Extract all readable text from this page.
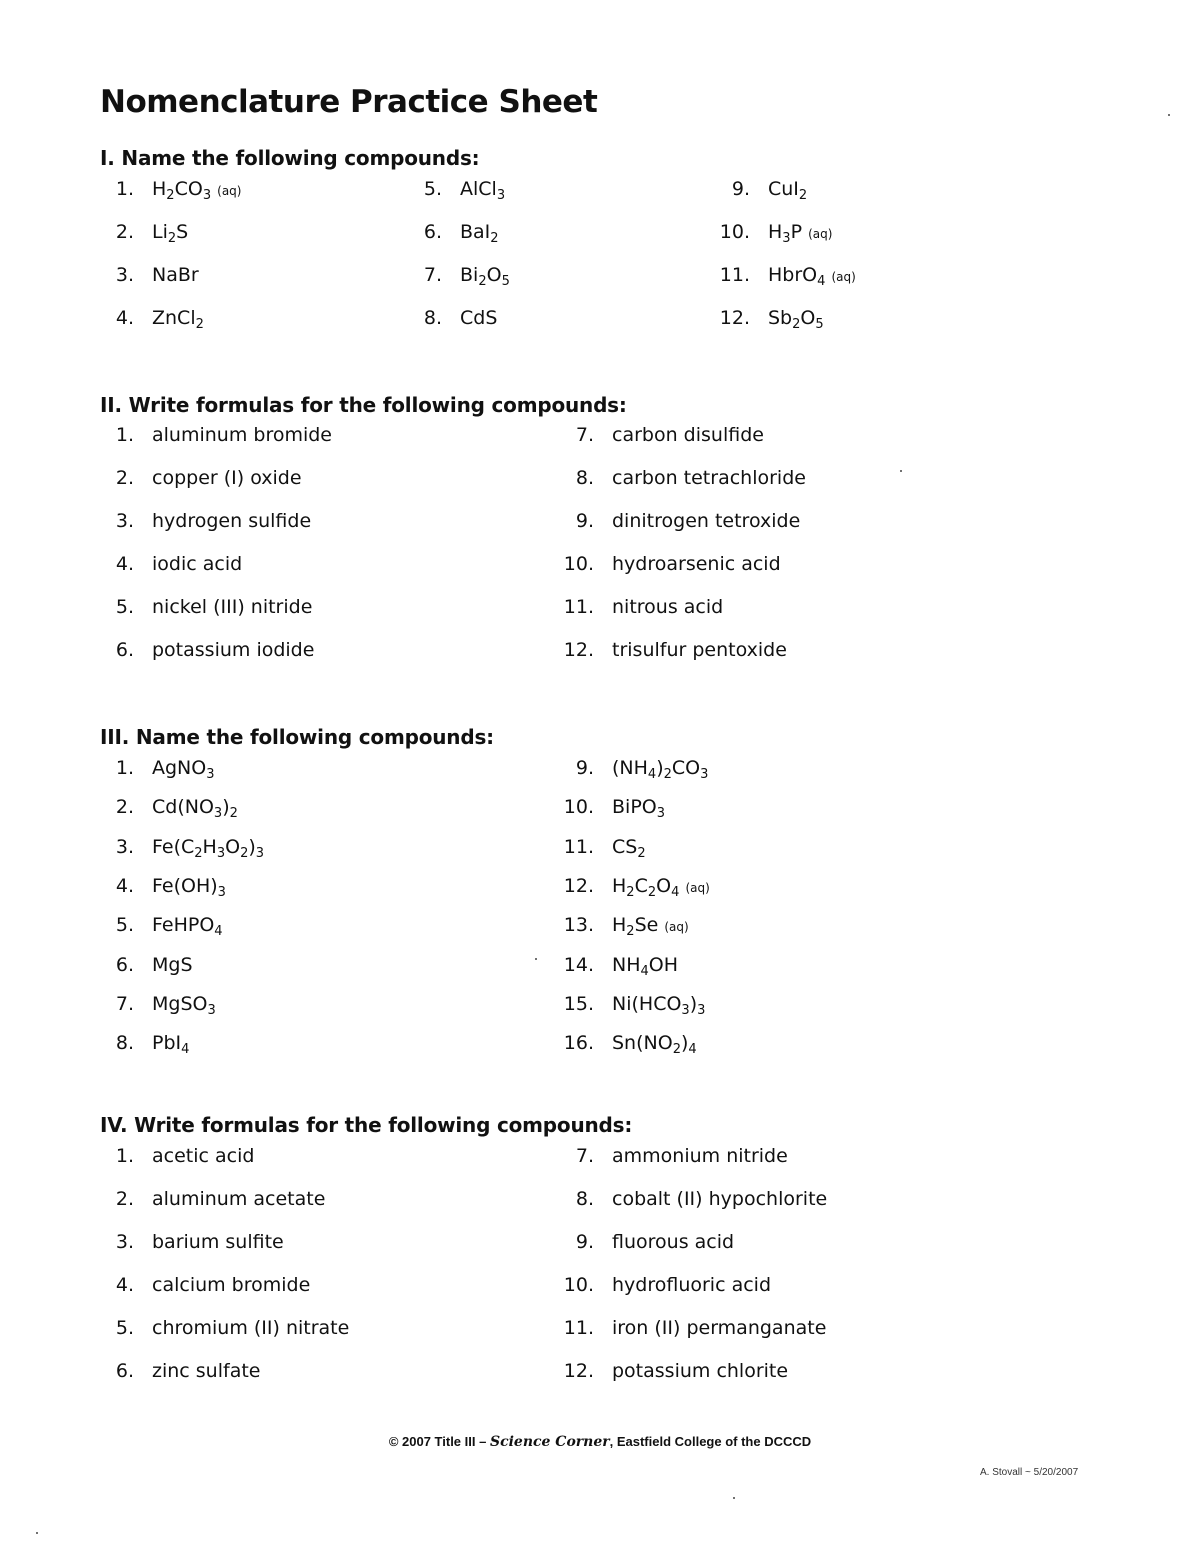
Nomenclature Practice Sheet
I. Name the following compounds:
II. Write formulas for the following compounds:
III. Name the following compounds:
IV. Write formulas for the following compounds:
© 2007 Title III – Science Corner, Eastfield College of the DCCCD
A. Stovall ~ 5/20/2007
1. $H_2CO_3$ (aq)
2. $Li_2S$
3. NaBr
4. ZnCl$_2$
5. AlCl$_3$
6. BaI$_2$
7. $Bi_2O_5$
8. CdS
9. CuI$_2$
10. $H_3P$ (aq)
11. HbrO$_4$ (aq)
12. $Sb_2O_5$
1. aluminum bromide
2. copper (I) oxide
3. hydrogen sulfide
4. iodic acid
5. nickel (III) nitride
6. potassium iodide
7. carbon disulfide
8. carbon tetrachloride
9. dinitrogen tetroxide
10. hydroarsenic acid
11. nitrous acid
12. trisulfur pentoxide
1. AgNO$_3$
2. $Cd(NO_3)_2$
3. $Fe(C_2H_3O_2)_3$
4. $Fe(OH)_3$
5. FeHPO$_4$
6. MgS
7. MgSO$_3$
8. PbI$_4$
9. $(NH_4)_2CO_3$
10. BiPO$_3$
11. $CS_2$
12. $H_2C_2O_4$ (aq)
13. $H_2Se$ (aq)
14. $NH_4OH$
15. $Ni(HCO_3)_3$
16. $Sn(NO_2)_4$
1. acetic acid
2. aluminum acetate
3. barium sulfite
4. calcium bromide
5. chromium (II) nitrate
6. zinc sulfate
7. ammonium nitride
8. cobalt (II) hypochlorite
9. fluorous acid
10. hydrofluoric acid
11. iron (II) permanganate
12. potassium chlorite
